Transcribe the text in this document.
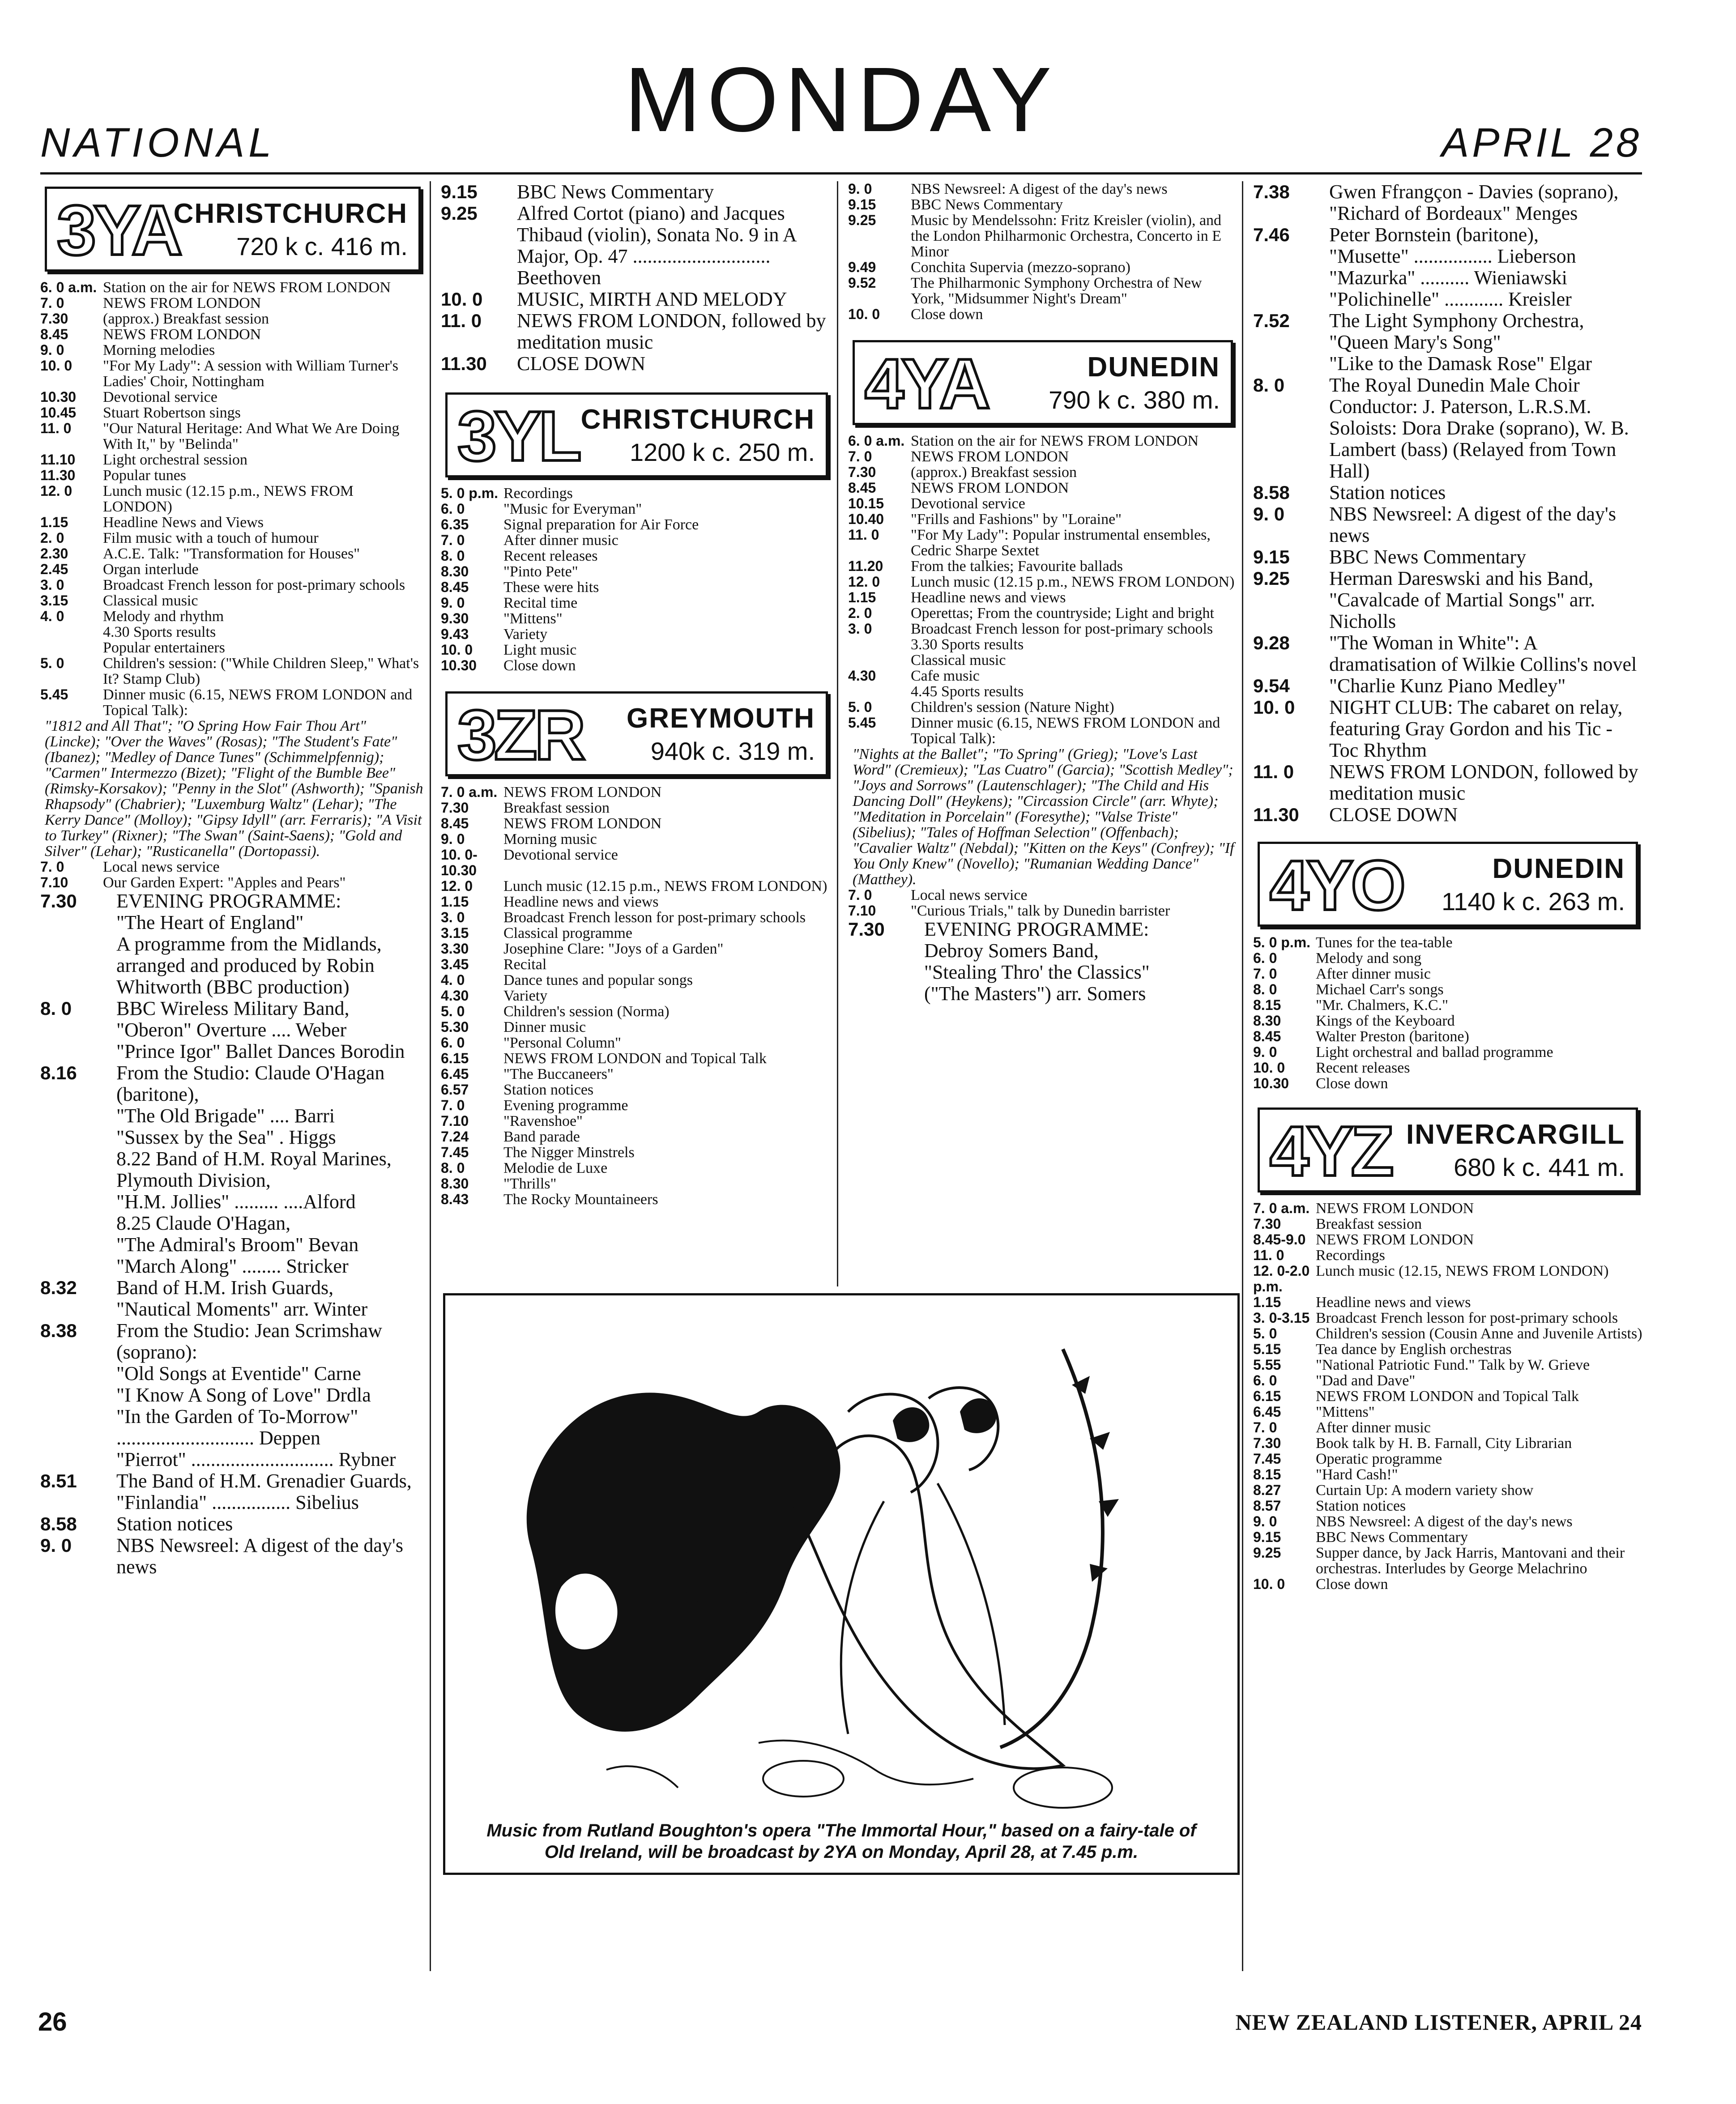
NATIONAL	MONDAY	APRIL 28
3YA
CHRISTCHURCH
720 k c. 416 m.
6. 0 a.m. Station on the air for NEWS FROM LONDON
7. 0	NEWS FROM LONDON
7.30	(approx.) Breakfast session
8.45	NEWS FROM LONDON
9. 0	Morning melodies
10. 0	"For My Lady": A session with William Turner's Ladies' Choir, Nottingham
10.30	Devotional service
10.45	Stuart Robertson sings
11. 0	"Our Natural Heritage: And What We Are Doing With It," by "Belinda"
11.10	Light orchestral session
11.30	Popular tunes
12. 0	Lunch music (12.15 p.m., NEWS FROM LONDON)
1.15	Headline News and Views
2. 0	Film music with a touch of humour
2.30	A.C.E. Talk: "Transformation for Houses"
2.45	Organ interlude
3. 0	Broadcast French lesson for post-primary schools
3.15	Classical music
4. 0	Melody and rhythm
4.30 Sports results
Popular entertainers
5. 0	Children's session: ("While Children Sleep," What's It? Stamp Club)
5.45	Dinner music (6.15, NEWS FROM LONDON and Topical Talk):
"1812 and All That"; "O Spring How Fair Thou Art" (Lincke); "Over the Waves" (Rosas); "The Student's Fate" (Ibanez); "Medley of Dance Tunes" (Schimmelpfennig); "Carmen" Intermezzo (Bizet); "Flight of the Bumble Bee" (Rimsky-Korsakov); "Penny in the Slot" (Ashworth); "Spanish Rhapsody" (Chabrier); "Luxemburg Waltz" (Lehar); "The Kerry Dance" (Molloy); "Gipsy Idyll" (arr. Ferraris); "A Visit to Turkey" (Rixner); "The Swan" (Saint-Saens); "Gold and Silver" (Lehar); "Rusticanella" (Dortopassi).
7. 0	Local news service
7.10	Our Garden Expert: "Apples and Pears"
7.30	EVENING PROGRAMME:
"The Heart of England"
A programme from the Midlands, arranged and produced by Robin Whitworth (BBC production)
8. 0	BBC Wireless Military Band, "Oberon" Overture .... Weber
"Prince Igor" Ballet Dances Borodin
8.16	From the Studio: Claude O'Hagan (baritone),
"The Old Brigade" .... Barri
"Sussex by the Sea" . Higgs
8.22 Band of H.M. Royal Marines, Plymouth Division,
"H.M. Jollies" ......... ....Alford
8.25 Claude O'Hagan,
"The Admiral's Broom" Bevan
"March Along" ........ Stricker
8.32	Band of H.M. Irish Guards,
"Nautical Moments" arr. Winter
8.38	From the Studio: Jean Scrimshaw (soprano):
"Old Songs at Eventide" Carne
"I Know A Song of Love" Drdla
"In the Garden of To-Morrow" ............................ Deppen
"Pierrot" ............................. Rybner
8.51	The Band of H.M. Grenadier Guards,
"Finlandia" ................ Sibelius
8.58	Station notices
9. 0	NBS Newsreel: A digest of the day's news
9.15	BBC News Commentary
9.25	Alfred Cortot (piano) and Jacques Thibaud (violin), Sonata No. 9 in A Major, Op. 47 ............................ Beethoven
10. 0	MUSIC, MIRTH AND MELODY
11. 0	NEWS FROM LONDON, followed by meditation music
11.30	CLOSE DOWN
3YL CHRISTCHURCH
1200 k c. 250 m.
5. 0 p.m. Recordings
6. 0	"Music for Everyman"
6.35	Signal preparation for Air Force
7. 0	After dinner music
8. 0	Recent releases
8.30	"Pinto Pete"
8.45	These were hits
9. 0	Recital time
9.30	"Mittens"
9.43	Variety
10. 0	Light music
10.30	Close down
3ZR GREYMOUTH
940k c. 319 m.
7. 0 a.m. NEWS FROM LONDON
7.30	Breakfast session
8.45	NEWS FROM LONDON
9. 0	Morning music
10. 0-10.30
Devotional service
12. 0	Lunch music (12.15 p.m., NEWS FROM LONDON)
1.15	Headline news and views
3. 0	Broadcast French lesson for post-primary schools
3.15	Classical programme
3.30	Josephine Clare: "Joys of a Garden"
3.45	Recital
4. 0	Dance tunes and popular songs
4.30	Variety
5. 0	Children's session (Norma)
5.30	Dinner music
6. 0	"Personal Column"
6.15	NEWS FROM LONDON and Topical Talk
6.45	"The Buccaneers"
6.57	Station notices
7. 0	Evening programme
7.10	"Ravenshoe"
7.24	Band parade
7.45	The Nigger Minstrels
8. 0	Melodie de Luxe
8.30	"Thrills"
8.43	The Rocky Mountaineers
9. 0	NBS Newsreel: A digest of the day's news
9.15	BBC News Commentary
9.25	Music by Mendelssohn: Fritz Kreisler (violin), and the London Philharmonic Orchestra, Concerto in E Minor
9.49	Conchita Supervia (mezzo-soprano)
9.52	The Philharmonic Symphony Orchestra of New York, "Midsummer Night's Dream"
10. 0	Close down
4YA	DUNEDIN
790 k c. 380 m.
6. 0 a.m. Station on the air for NEWS FROM LONDON
7. 0	NEWS FROM LONDON
7.30	(approx.) Breakfast session
8.45	NEWS FROM LONDON
10.15	Devotional service
10.40	"Frills and Fashions" by "Loraine"
11. 0	"For My Lady": Popular instrumental ensembles, Cedric Sharpe Sextet
11.20	From the talkies; Favourite ballads
12. 0	Lunch music (12.15 p.m., NEWS FROM LONDON)
1.15	Headline news and views
2. 0	Operettas; From the countryside; Light and bright
3. 0	Broadcast French lesson for post-primary schools
3.30 Sports results
Classical music
4.30	Cafe music
4.45 Sports results
5. 0	Children's session (Nature Night)
5.45	Dinner music (6.15, NEWS FROM LONDON and Topical Talk):
"Nights at the Ballet"; "To Spring" (Grieg); "Love's Last Word" (Cremieux); "Las Cuatro" (Garcia); "Scottish Medley"; "Joys and Sorrows" (Lautenschlager); "The Child and His Dancing Doll" (Heykens); "Circassion Circle" (arr. Whyte); "Meditation in Porcelain" (Foresythe); "Valse Triste" (Sibelius); "Tales of Hoffman Selection" (Offenbach); "Cavalier Waltz" (Nebdal); "Kitten on the Keys" (Confrey); "If You Only Knew" (Novello); "Rumanian Wedding Dance" (Matthey).
7. 0	Local news service
7.10	"Curious Trials," talk by Dunedin barrister
7.30	EVENING PROGRAMME:
Debroy Somers Band,
"Stealing Thro' the Classics"
("The Masters") arr. Somers
7.38	Gwen Ffrangçon - Davies (soprano),
"Richard of Bordeaux" Menges
7.46	Peter Bornstein (baritone),
"Musette" ................ Lieberson
"Mazurka" .......... Wieniawski
"Polichinelle" ............ Kreisler
7.52	The Light Symphony Orchestra,
"Queen Mary's Song"
"Like to the Damask Rose" Elgar
8. 0	The Royal Dunedin Male Choir Conductor: J. Paterson, L.R.S.M.
Soloists: Dora Drake (soprano), W. B. Lambert (bass) (Relayed from Town Hall)
8.58	Station notices
9. 0	NBS Newsreel: A digest of the day's news
9.15	BBC News Commentary
9.25	Herman Dareswski and his Band,
"Cavalcade of Martial Songs" arr. Nicholls
9.28	"The Woman in White": A dramatisation of Wilkie Collins's novel
9.54	"Charlie Kunz Piano Medley"
10. 0	NIGHT CLUB: The cabaret on relay, featuring Gray Gordon and his Tic - Toc Rhythm
11. 0	NEWS FROM LONDON, followed by meditation music
11.30	CLOSE DOWN
4YO	DUNEDIN
1140 k c. 263 m.
5. 0 p.m. Tunes for the tea-table
6. 0	Melody and song
7. 0	After dinner music
8. 0	Michael Carr's songs
8.15	"Mr. Chalmers, K.C."
8.30	Kings of the Keyboard
8.45	Walter Preston (baritone)
9. 0	Light orchestral and ballad programme
10. 0	Recent releases
10.30	Close down
4YZ INVERCARGILL
680 k c. 441 m.
7. 0 a.m. NEWS FROM LONDON
7.30	Breakfast session
8.45-9.0 NEWS FROM LONDON
11. 0	Recordings
12. 0-2.0 p.m.
Lunch music (12.15, NEWS FROM LONDON)
1.15	Headline news and views
3. 0-3.15 Broadcast French lesson for post-primary schools
5. 0	Children's session (Cousin Anne and Juvenile Artists)
5.15	Tea dance by English orchestras
5.55	"National Patriotic Fund." Talk by W. Grieve
6. 0	"Dad and Dave"
6.15	NEWS FROM LONDON and Topical Talk
6.45	"Mittens"
7. 0	After dinner music
7.30	Book talk by H. B. Farnall, City Librarian
7.45	Operatic programme
8.15	"Hard Cash!"
8.27	Curtain Up: A modern variety show
8.57	Station notices
9. 0	NBS Newsreel: A digest of the day's news
9.15	BBC News Commentary
9.25	Supper dance, by Jack Harris, Mantovani and their orchestras. Interludes by George Melachrino
10. 0	Close down
Music from Rutland Boughton's opera "The Immortal Hour," based on a fairy-tale of Old Ireland, will be broadcast by 2YA on Monday, April 28, at 7.45 p.m.
26	NEW ZEALAND LISTENER, APRIL 24
